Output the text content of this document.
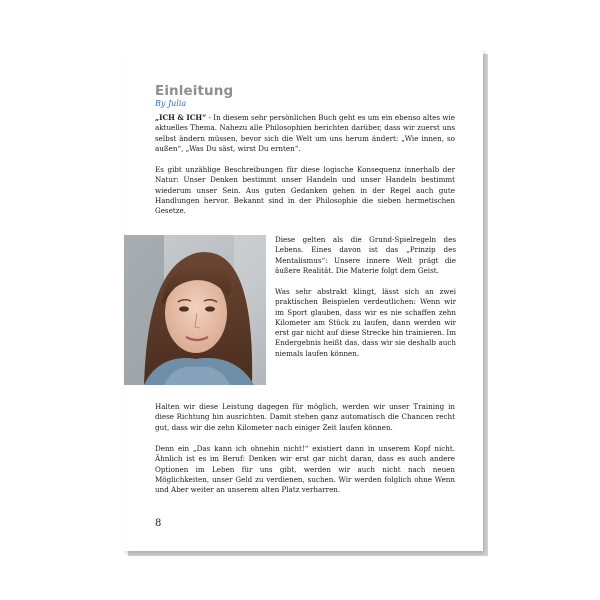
Einleitung
By Julia

„ICH & ICH“ - In diesem sehr persönlichen Buch geht es um ein ebenso altes wie aktuelles Thema. Nahezu alle Philosophien berichten darüber, dass wir zuerst uns selbst ändern müssen, bevor sich die Welt um uns herum ändert: „Wie innen, so außen“, „Was Du säst, wirst Du ernten“.

Es gibt unzählige Beschreibungen für diese logische Konsequenz innerhalb der Natur: Unser Denken bestimmt unser Handeln und unser Handeln bestimmt wiederum unser Sein. Aus guten Gedanken gehen in der Regel auch gute Handlungen hervor. Bekannt sind in der Philosophie die sieben hermetischen Gesetze.

Diese gelten als die Grund-Spielregeln des Lebens. Eines davon ist das „Prinzip des Mentalismus“: Unsere innere Welt prägt die äußere Realität. Die Materie folgt dem Geist.

Was sehr abstrakt klingt, lässt sich an zwei praktischen Beispielen verdeutlichen: Wenn wir im Sport glauben, dass wir es nie schaffen zehn Kilometer am Stück zu laufen, dann werden wir erst gar nicht auf diese Strecke hin trainieren. Im Endergebnis heißt das, dass wir sie deshalb auch niemals laufen können.

Halten wir diese Leistung dagegen für möglich, werden wir unser Training in diese Richtung hin ausrichten. Damit stehen ganz automatisch die Chancen recht gut, dass wir die zehn Kilometer nach einiger Zeit laufen können.

Denn ein „Das kann ich ohnehin nicht!“ existiert dann in unserem Kopf nicht. Ähnlich ist es im Beruf: Denken wir erst gar nicht daran, dass es auch andere Optionen im Leben für uns gibt, werden wir auch nicht nach neuen Möglichkeiten, unser Geld zu verdienen, suchen. Wir werden folglich ohne Wenn und Aber weiter an unserem alten Platz verharren.

8
